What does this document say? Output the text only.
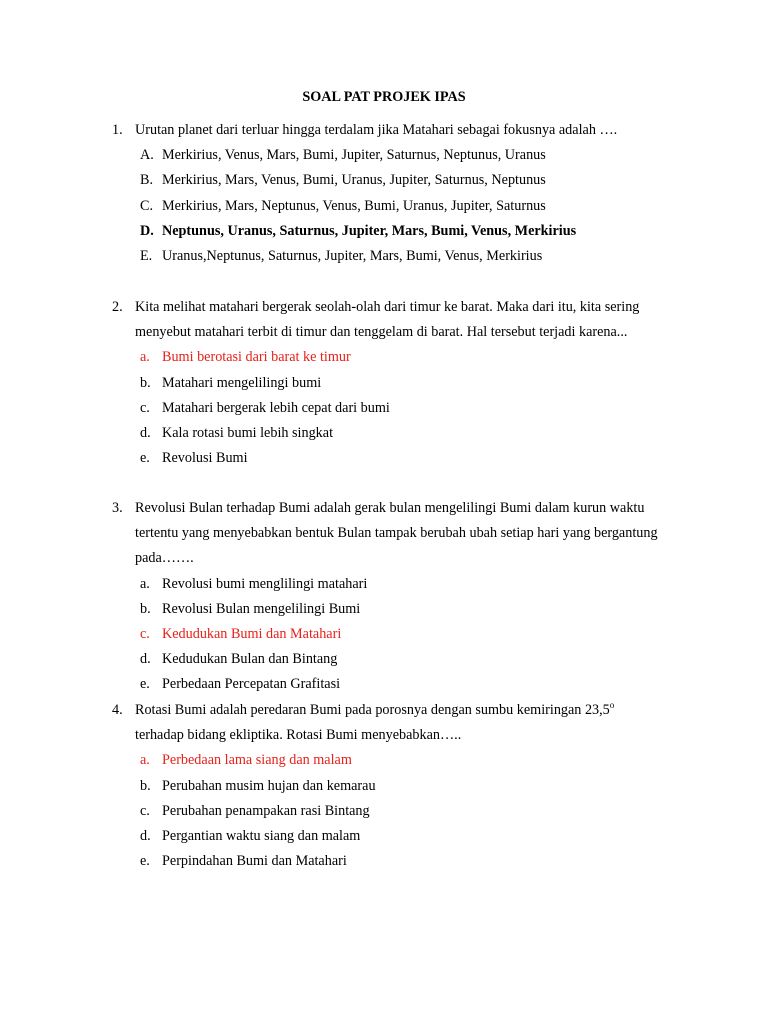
SOAL PAT PROJEK IPAS
1. Urutan planet dari terluar hingga terdalam jika Matahari sebagai fokusnya adalah ….
A. Merkirius, Venus, Mars, Bumi, Jupiter, Saturnus, Neptunus, Uranus
B. Merkirius, Mars, Venus, Bumi, Uranus, Jupiter, Saturnus, Neptunus
C. Merkirius, Mars, Neptunus, Venus, Bumi, Uranus, Jupiter, Saturnus
D. Neptunus, Uranus, Saturnus, Jupiter, Mars, Bumi, Venus, Merkirius
E. Uranus,Neptunus, Saturnus, Jupiter, Mars, Bumi, Venus, Merkirius
2. Kita melihat matahari bergerak seolah-olah dari timur ke barat. Maka dari itu, kita sering menyebut matahari terbit di timur dan tenggelam di barat. Hal tersebut terjadi karena...
a. Bumi berotasi dari barat ke timur
b. Matahari mengelilingi bumi
c. Matahari bergerak lebih cepat dari bumi
d. Kala rotasi bumi lebih singkat
e. Revolusi Bumi
3. Revolusi Bulan terhadap Bumi adalah gerak bulan mengelilingi Bumi dalam kurun waktu tertentu yang menyebabkan bentuk Bulan tampak berubah ubah setiap hari yang bergantung pada…….
a. Revolusi bumi menglilingi matahari
b. Revolusi Bulan mengelilingi Bumi
c. Kedudukan Bumi dan Matahari
d. Kedudukan Bulan dan Bintang
e. Perbedaan Percepatan Grafitasi
4. Rotasi Bumi adalah peredaran Bumi pada porosnya dengan sumbu kemiringan 23,5$^o$
terhadap bidang ekliptika. Rotasi Bumi menyebabkan…..
a. Perbedaan lama siang dan malam
b. Perubahan musim hujan dan kemarau
c. Perubahan penampakan rasi Bintang
d. Pergantian waktu siang dan malam
e. Perpindahan Bumi dan Matahari
